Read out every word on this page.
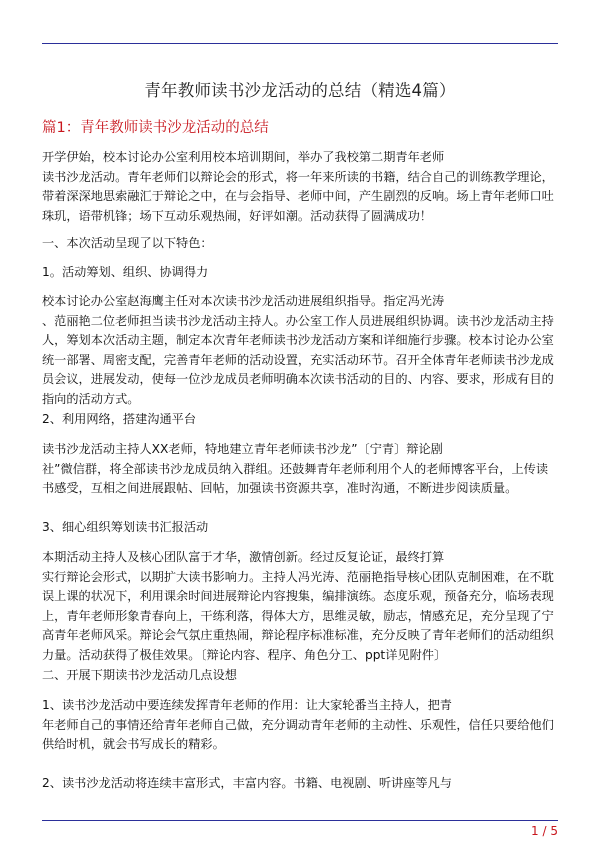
青年教师读书沙龙活动的总结（精选4篇）
篇1：青年教师读书沙龙活动的总结
开学伊始，校本讨论办公室利用校本培训期间，举办了我校第二期青年老师
读书沙龙活动。青年老师们以辩论会的形式，将一年来所读的书籍，结合自己的训练教学理论，
带着深深地思索融汇于辩论之中，在与会指导、老师中间，产生剧烈的反响。场上青年老师口吐
珠玑，语带机锋；场下互动乐观热闹，好评如潮。活动获得了圆满成功！
一、本次活动呈现了以下特色：
1。活动筹划、组织、协调得力
校本讨论办公室赵海鹰主任对本次读书沙龙活动进展组织指导。指定冯光涛
、范丽艳二位老师担当读书沙龙活动主持人。办公室工作人员进展组织协调。读书沙龙活动主持
人，筹划本次活动主题，制定本次青年老师读书沙龙活动方案和详细施行步骤。校本讨论办公室
统一部署、周密支配，完善青年老师的活动设置，充实活动环节。召开全体青年老师读书沙龙成
员会议，进展发动，使每一位沙龙成员老师明确本次读书活动的目的、内容、要求，形成有目的
指向的活动方式。
2、利用网络，搭建沟通平台
读书沙龙活动主持人XX老师，特地建立青年老师读书沙龙”〔宁青〕辩论剧
社”微信群，将全部读书沙龙成员纳入群组。还鼓舞青年老师利用个人的老师博客平台，上传读
书感受，互相之间进展跟帖、回帖，加强读书资源共享，准时沟通，不断进步阅读质量。
3、细心组织筹划读书汇报活动
本期活动主持人及核心团队富于才华，激情创新。经过反复论证，最终打算
实行辩论会形式，以期扩大读书影响力。主持人冯光涛、范丽艳指导核心团队克制困难，在不耽
误上课的状况下，利用课余时间进展辩论内容搜集，编排演练。态度乐观，预备充分，临场表现
上，青年老师形象青春向上，干练利落，得体大方，思维灵敏，励志，情感充足，充分呈现了宁
高青年老师风采。辩论会气氛庄重热闹，辩论程序标准标准，充分反映了青年老师们的活动组织
力量。活动获得了极佳效果。〔辩论内容、程序、角色分工、ppt详见附件〕
二、开展下期读书沙龙活动几点设想
1、读书沙龙活动中要连续发挥青年老师的作用：让大家轮番当主持人，把青
年老师自己的事情还给青年老师自己做，充分调动青年老师的主动性、乐观性，信任只要给他们
供给时机，就会书写成长的精彩。
2、读书沙龙活动将连续丰富形式，丰富内容。书籍、电视剧、听讲座等凡与
1 / 5
